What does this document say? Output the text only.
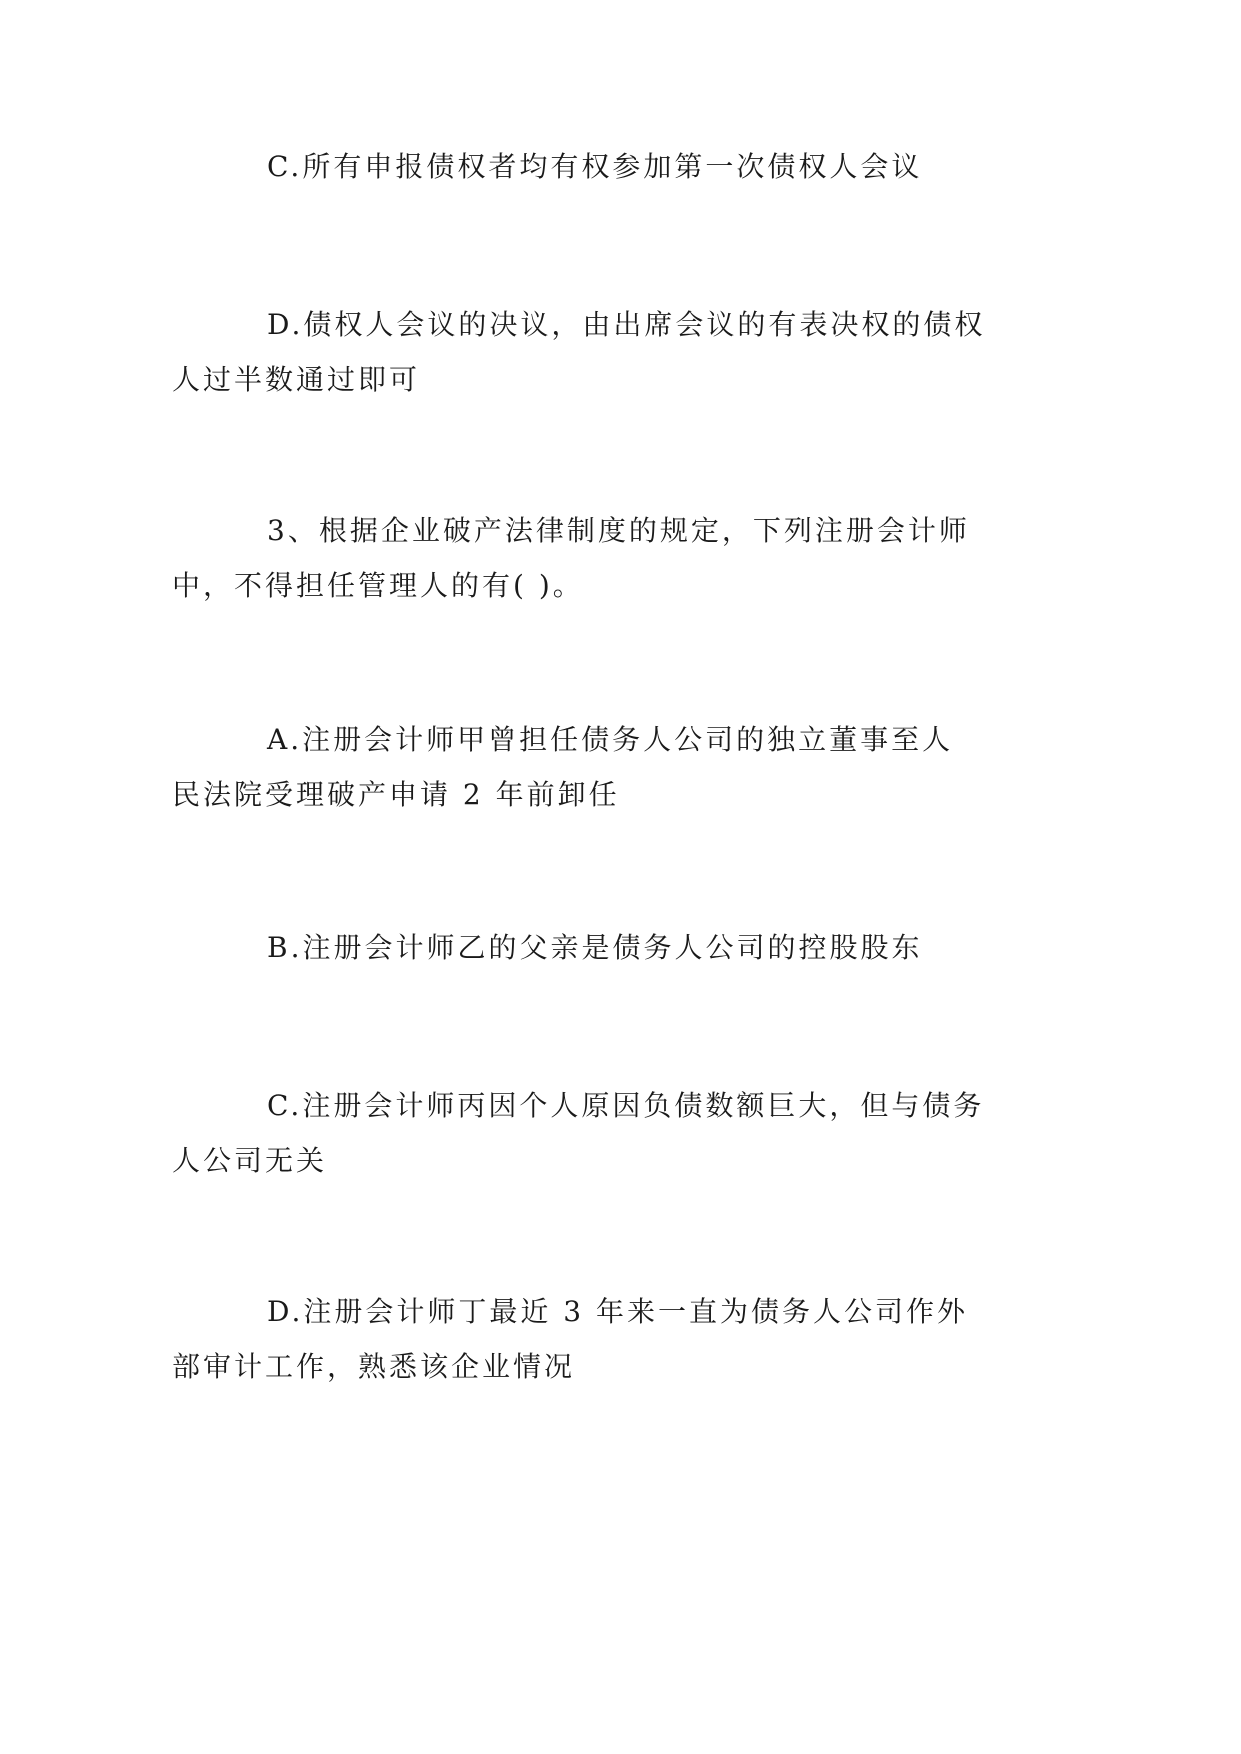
C.所有申报债权者均有权参加第一次债权人会议
D.债权人会议的决议，由出席会议的有表决权的债权
人过半数通过即可
3、根据企业破产法律制度的规定，下列注册会计师
中，不得担任管理人的有( )。
A.注册会计师甲曾担任债务人公司的独立董事至人
民法院受理破产申请 2 年前卸任
B.注册会计师乙的父亲是债务人公司的控股股东
C.注册会计师丙因个人原因负债数额巨大，但与债务
人公司无关
D.注册会计师丁最近 3 年来一直为债务人公司作外
部审计工作，熟悉该企业情况
